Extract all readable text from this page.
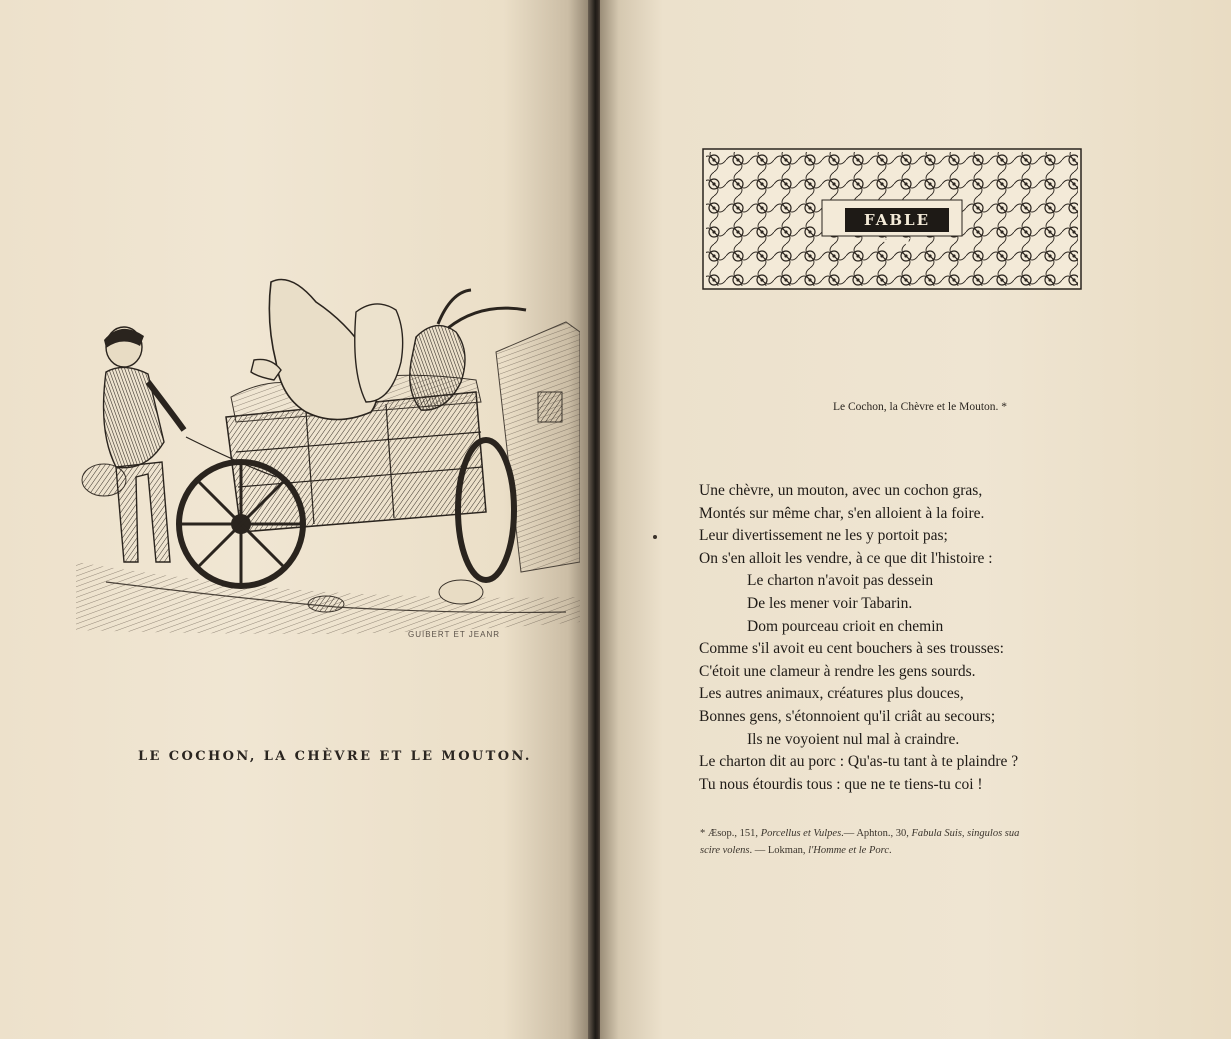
GUIBERT ET JEANR
LE COCHON, LA CHÈVRE ET LE MOUTON.
FABLE XII
Le Cochon, la Chèvre et le Mouton. *
Une chèvre, un mouton, avec un cochon gras,
Montés sur même char, s'en alloient à la foire.
Leur divertissement ne les y portoit pas;
On s'en alloit les vendre, à ce que dit l'histoire :
Le charton n'avoit pas dessein
De les mener voir Tabarin.
Dom pourceau crioit en chemin
Comme s'il avoit eu cent bouchers à ses trousses:
C'étoit une clameur à rendre les gens sourds.
Les autres animaux, créatures plus douces,
Bonnes gens, s'étonnoient qu'il criât au secours;
Ils ne voyoient nul mal à craindre.
Le charton dit au porc : Qu'as-tu tant à te plaindre ?
Tu nous étourdis tous : que ne te tiens-tu coi !
* Æsop., 151, Porcellus et Vulpes.— Aphton., 30, Fabula Suis, singulos sua
scire volens. — Lokman, l'Homme et le Porc.
